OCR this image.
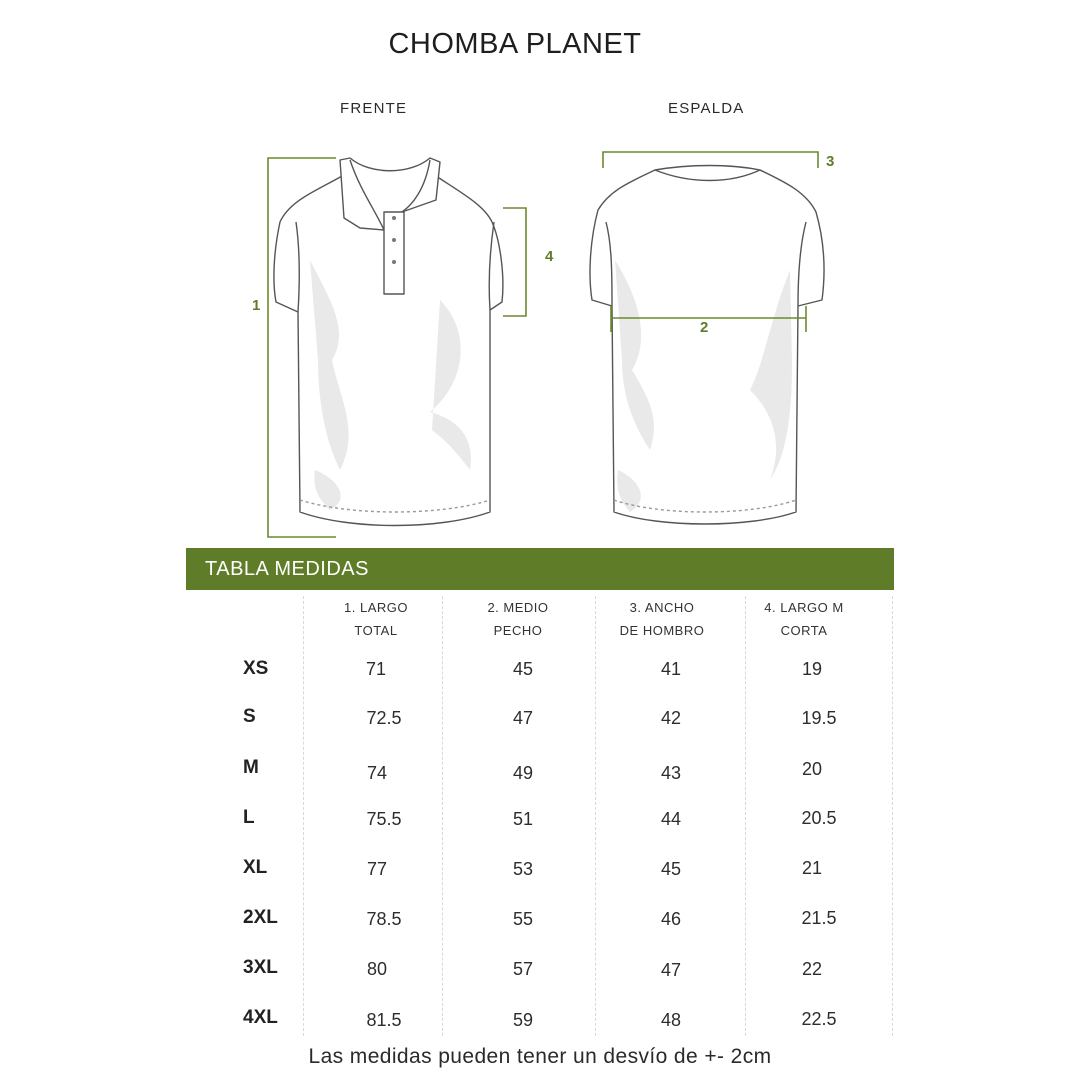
CHOMBA PLANET
FRENTE	ESPALDA
1
2
3
4
TABLA MEDIDAS
1. LARGO
TOTAL
2. MEDIO
PECHO
3. ANCHO
DE HOMBRO
4. LARGO M
CORTA
XS	71	45	41	19
S	72.5	47	42	19.5
M	74	49	43	20
L	75.5	51	44	20.5
XL	77	53	45	21
2XL	78.5	55	46	21.5
3XL	80	57	47	22
4XL	81.5	59	48	22.5
Las medidas pueden tener un desvío de +- 2cm
